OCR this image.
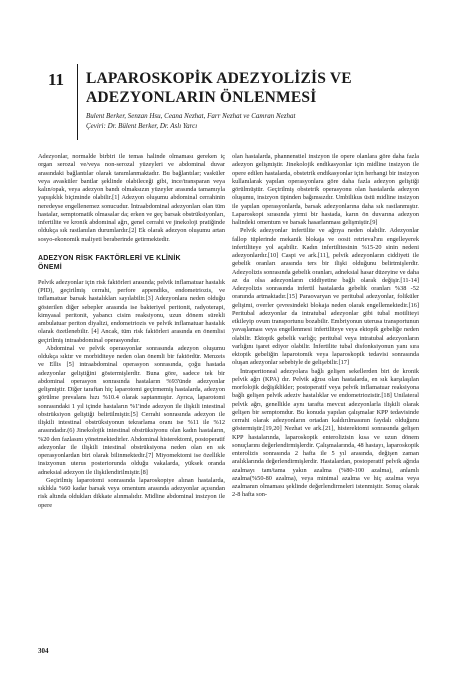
11 LAPAROSKOPİK ADEZYOLİZİS VE
ADEZYONLARIN ÖNLENMESİ
Bulent Berker, Senzan Hsu, Ceana Nezhat, Farr Nezhat ve Camran Nezhat
Çeviri: Dr. Bülent Berker, Dr. Aslı Yarcı

Adezyonlar, normalde birbiri ile temas halinde olmaması gereken iç organ serozal ve/veya non-serozal yüzeyleri ve abdominal duvar arasındaki bağlantılar olarak tanımlanmaktadır. Bu bağlantılar; vasküler veya avasküler bantlar şeklinde olabileceği gibi, ince/transparan veya kalın/opak, veya adezyon bandı olmaksızın yüzeyler arasında tamamıyla yapışıklık biçiminde olabilir.[1] Adezyon oluşumu abdominal cerrahinin neredeyse engellenemez sonucudur. İntraabdominal adezyonları olan tüm hastalar, semptomatik olmasalar da; erken ve geç barsak obstrüksiyonları, infertilite ve kronik abdominal ağrı, genel cerrahi ve jinekoloji pratiğinde oldukça sık rastlanılan durumlardır.[2] Ek olarak adezyon oluşumu artan sosyo-ekonomik maliyeti beraberinde getirmektedir.

ADEZYON RİSK FAKTÖRLERİ VE KLİNİK
ÖNEMİ

Pelvik adezyonlar için risk faktörleri arasında; pelvik inflamatuar hastalık (PID), geçirilmiş cerrahi, perfore appendiks, endometriozis, ve inflamatuar barsak hastalıkları sayılabilir.[3] Adezyonlara neden olduğu gösterilen diğer sebepler arasında ise bakteriyel peritonit, radyoterapi, kimyasal peritonit, yabancı cisim reaksiyonu, uzun dönem sürekli ambulatuar periton diyalizi, endometriozis ve pelvik inflamatuar hastalık olarak özetlenebilir. [4] Ancak, tüm risk faktörleri arasında en önemlisi geçirilmiş intraabdominal operasyondur.

Abdominal ve pelvik operasyonlar sonrasında adezyon oluşumu oldukça sıktır ve morbiditeye neden olan önemli bir faktördür. Menzeis ve Ellis [5] intraabdominal operasyon sonrasında, çoğu hastada adezyonlar geliştiğini göstermişlerdir. Buna göre, sadece tek bir abdominal operasyon sonrasında hastaların %93'ünde adezyonlar gelişmiştir. Diğer taraftan hiç laparotomi geçirmemiş hastalarda, adezyon görülme prevalans hızı %10.4 olarak saptanmıştır. Ayrıca, laparotomi sonrasındaki 1 yıl içinde hastaların %1'inde adezyon ile ilişkili intestinal obstrüksiyon geliştiği belirtilmiştir.[5] Cerrahi sonrasında adezyon ile ilişkili intestinal obstrüksiyonun tekrarlama oranı ise %11 ile %12 arasındadır.(6) Jinekolojik intestinal obstrüksiyonu olan kadın hastaların, %20 den fazlasını yönetmektedirler. Abdominal histerektomi, postoperatif adezyonlar ile ilişkili intestinal obstrüksiyona neden olan en sık operasyonlardan biri olarak bilinmektedir.[7] Miyomektomi ise özellikle insizyonun uterus posteriorunda olduğu vakalarda, yüksek oranda adneksial adezyon ile ilişkilendirilmiştir.[8]

Geçirilmiş laparotomi sonrasında laparoskopiye alınan hastalarda, sıklıkla %60 kadar barsak veya omentum arasında adezyonlar açısından risk altında oldukları dikkate alınmalıdır. Midline abdominal insizyon ile opere

olan hastalarda, phannenstiel insizyon ile opere olanlara göre daha fazla adezyon gelişmiştir. Jinekolojik endikasyonlar için midline insizyon ile opere edilen hastalarda, obstetrik endikasyonlar için herhangi bir insizyon kullanılarak yapılan operasyonlara göre daha fazla adezyon geliştiği görülmüştür. Geçirilmiş obstetrik operasyonu olan hastalarda adezyon oluşumu, insizyon tipinden bağımsızdır. Umbilikus üstü midline insizyon ile yapılan operasyonlarda, barsak adezyonlarına daha sık rastlanmıştır. Laparoskopi sırasında yirmi bir hastada, karın ön duvarına adezyon halindeki omentum ve barsak hasarlanması gelişmiştir.[9]

Pelvik adezyonlar infertilite ve ağrıya neden olabilir. Adezyonlar fallop tüplerinde mekanik blokaja ve oosit retrieval'ını engelleyerek infertiliteye yol açabilir. Kadın infertilitesinin %15-20 sinin nedeni adezyonlardır.[10] Caspi ve ark.[11], pelvik adezyonların ciddiyeti ile gebelik oranları arasında ters bir ilişki olduğunu belirtmişlerdir. Adezyolizis sonrasında gebelik oranları, adneksial hasar düzeyine ve daha az da olsa adezyonların ciddiyetine bağlı olarak değişir.[11-14] Adezyolizis sonrasında infertil hastalarda gebelik oranları %38 -52 oranında artmaktadır.[15] Paraovaryan ve peritubal adezyonlar, foliküler gelişimi, overler çevresindeki blokaja neden olarak engellemektedir.[16] Peritubal adezyonlar da intratubal adezyonlar gibi tubal motiliteyi etkileyip ovum transportunu bozabilir. Embriyonun uterusa transportunun yavaşlaması veya engellenmesi infertiliteye veya ektopik gebeliğe neden olabilir. Ektopik gebelik varlığı; peritubal veya intratubal adezyonların varlığını işaret ediyor olabilir. İnfertilite tubal disfonksiyonun yanı sıra ektopik gebeliğin laparotomik veya laparoskopik tedavisi sonrasında oluşan adezyonlar sebebiyle de gelişebilir.[17]

İntraperitoneal adezyolara bağlı gelişen sekellerden biri de kronik pelvik ağrı (KPA) dır. Pelvik ağrısı olan hastalarda, en sık karşılaşılan morfolojik değişiklikler; postoperatif veya pelvik inflamatuar reaksiyona bağlı gelişen pelvik adeziv hastalıklar ve endometriozistir.[18] Unilateral pelvik ağrı, genellikle aynı tarafta mevcut adezyonlarla ilişkili olarak gelişen bir semptomdur. Bu konuda yapılan çalışmalar KPP tedavisinde cerrahi olarak adezyonların ortadan kaldırılmasının faydalı olduğunu göstermiştir.[19,20] Nezhat ve ark.[21], histerektomi sonrasında gelişen KPP hastalarında, laparoskopik enterolizisin kısa ve uzun dönem sonuçlarını değerlendirmişlerdir. Çalışmalarında, 48 hastayı, laparoskopik enterolizis sonrasında 2 hafta ile 5 yıl arasında, değişen zaman aralıklarında değerlendirmişlerdir. Hastalardan, postoperatif pelvik ağrıda azalmayı tam/tama yakın azalma (%80-100 azalma), anlamlı azalma(%50-80 azalma), veya minimal azalma ve hiç azalma veya azalmanın olmaması şeklinde değerlendirmeleri istenmiştir. Sonuç olarak 2-8 hafta son-

304
